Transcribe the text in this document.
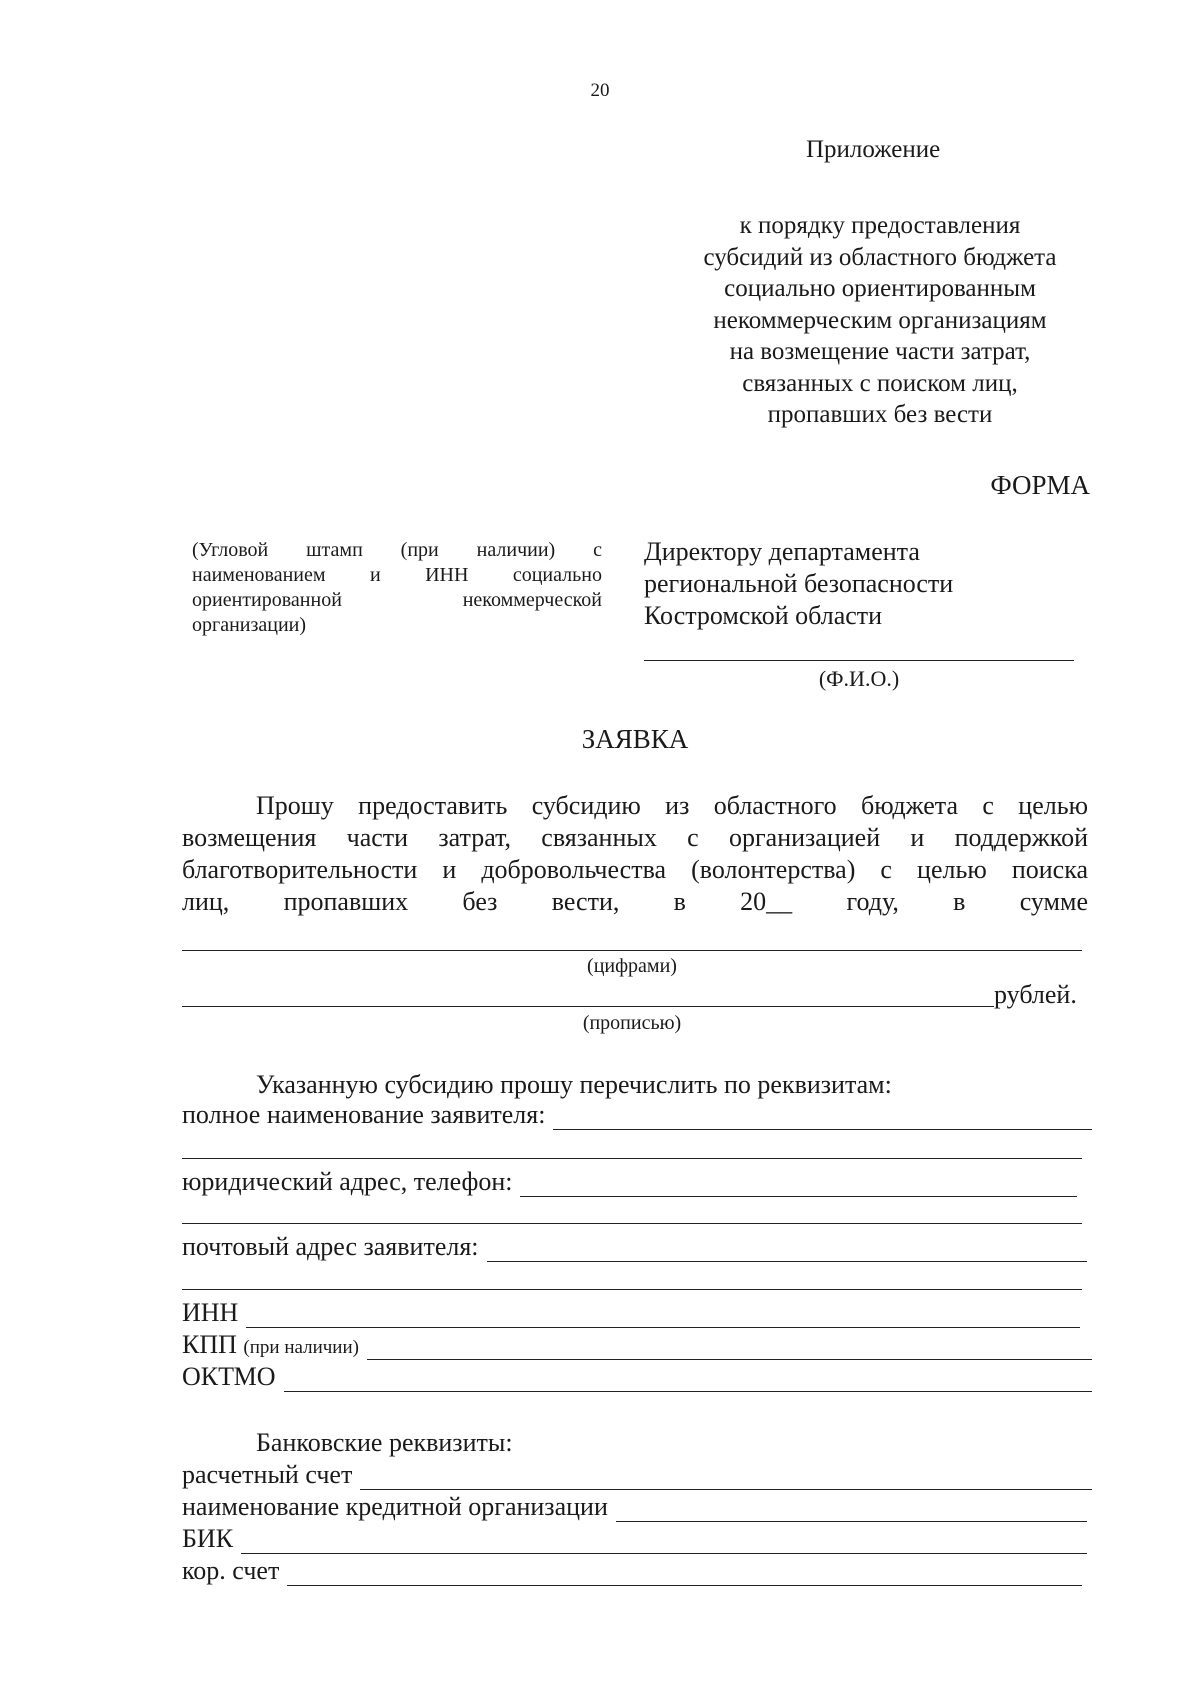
20
Приложение
к порядку предоставления
субсидий из областного бюджета
социально ориентированным
некоммерческим организациям
на возмещение части затрат,
связанных с поиском лиц,
пропавших без вести
ФОРМА
(Угловой штамп (при наличии) с
наименованием и ИНН социально
ориентированной некоммерческой
организации)
Директору департамента
региональной безопасности
Костромской области
(Ф.И.О.)
ЗАЯВКА
Прошу предоставить субсидию из областного бюджета с целью
возмещения части затрат, связанных с организацией и поддержкой
благотворительности и добровольчества (волонтерства) с целью поиска
лиц, пропавших без вести, в 20__ году, в сумме
(цифрами)
рублей.
(прописью)
Указанную субсидию прошу перечислить по реквизитам:
полное наименование заявителя:
юридический адрес, телефон:
почтовый адрес заявителя:
ИНН
КПП (при наличии)
ОКТМО
Банковские реквизиты:
расчетный счет
наименование кредитной организации
БИК
кор. счет
